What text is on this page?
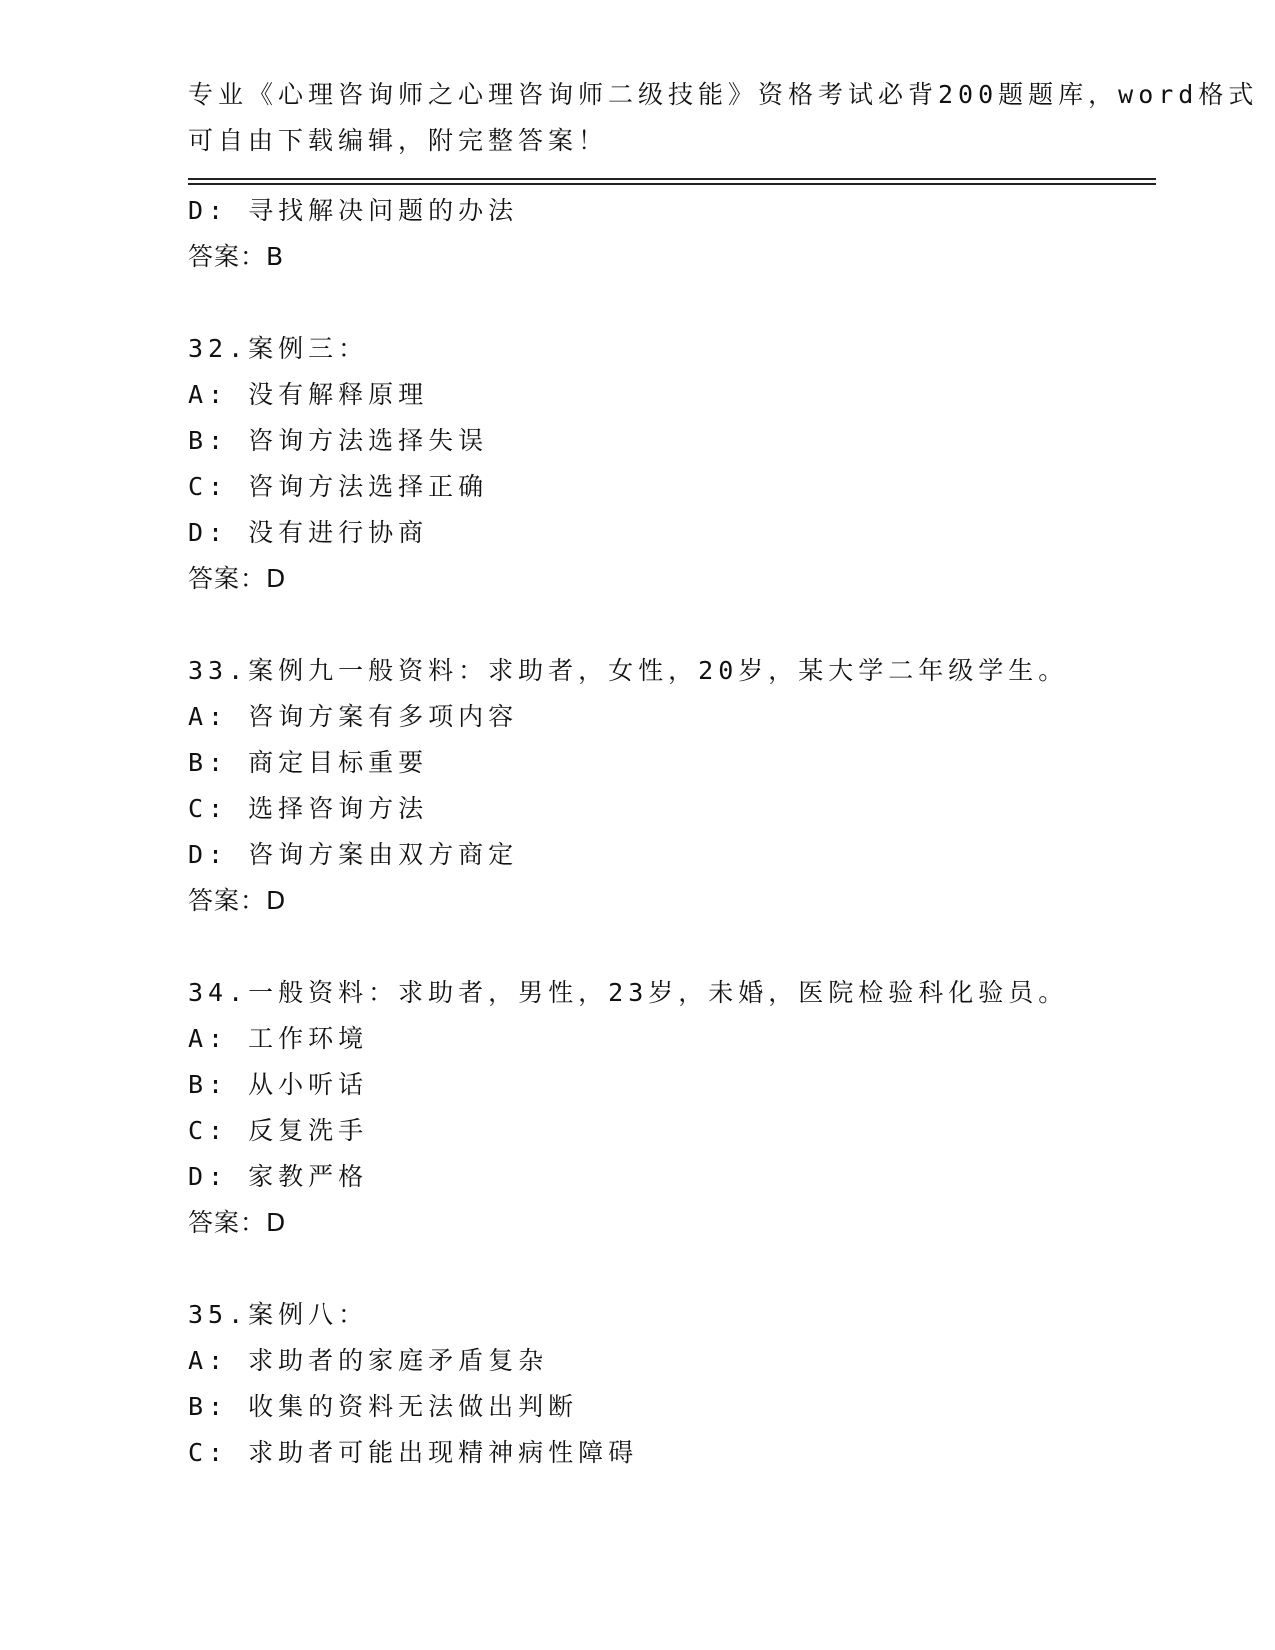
专业《心理咨询师之心理咨询师二级技能》资格考试必背200题题库，word格式
可自由下载编辑，附完整答案！
D: 寻找解决问题的办法
答案：B
32.案例三：
A: 没有解释原理
B: 咨询方法选择失误
C: 咨询方法选择正确
D: 没有进行协商
答案：D
33.案例九一般资料：求助者，女性，20岁，某大学二年级学生。
A: 咨询方案有多项内容
B: 商定目标重要
C: 选择咨询方法
D: 咨询方案由双方商定
答案：D
34.一般资料：求助者，男性，23岁，未婚，医院检验科化验员。
A: 工作环境
B: 从小听话
C: 反复洗手
D: 家教严格
答案：D
35.案例八：
A: 求助者的家庭矛盾复杂
B: 收集的资料无法做出判断
C: 求助者可能出现精神病性障碍
